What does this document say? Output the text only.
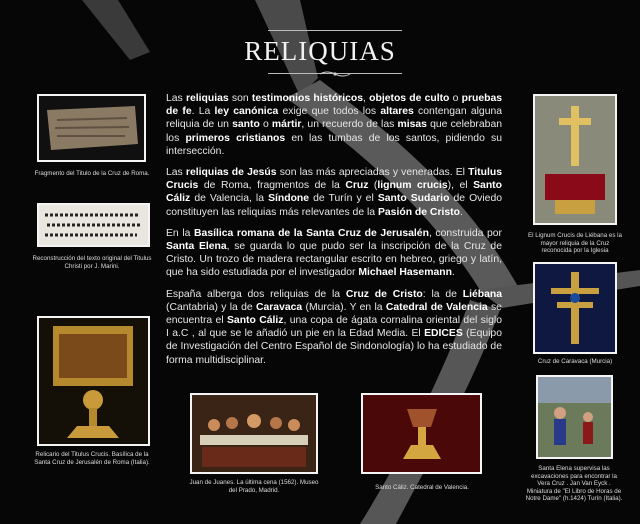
RELIQUIAS

Las reliquias son testimonios históricos, objetos de culto o pruebas de fe. La ley canónica exige que todos los altares contengan alguna reliquia de un santo o mártir, un recuerdo de las misas que celebraban los primeros cristianos en las tumbas de los santos, pidiendo su intersección.

Las reliquias de Jesús son las más apreciadas y veneradas. El Titulus Crucis de Roma, fragmentos de la Cruz (lignum crucis), el Santo Cáliz de Valencia, la Síndone de Turín y el Santo Sudario de Oviedo constituyen las reliquias más relevantes de la Pasión de Cristo.

En la Basílica romana de la Santa Cruz de Jerusalén, construida por Santa Elena, se guarda lo que pudo ser la inscripción de la Cruz de Cristo. Un trozo de madera rectangular escrito en hebreo, griego y latín, que ha sido estudiada por el investigador Michael Hasemann.

España alberga dos reliquias de la Cruz de Cristo: la de Liébana (Cantabria) y la de Caravaca (Murcia). Y en la Catedral de Valencia se encuentra el Santo Cáliz, una copa de ágata cornalina oriental del siglo I a.C , al que se le añadió un pie en la Edad Media. El EDICES (Equipo de Investigación del Centro Español de Sindonología) lo ha estudiado de forma multidisciplinar.

Fragmento del Titulo de la Cruz de Roma.
Reconstrucción del texto original del Titulus Christi por J. Marini.
Relicario del Titulus Crucis. Basílica de la Santa Cruz de Jerusalén de Roma (Italia).
Juan de Juanes. La última cena (1562). Museo del Prado, Madrid.	Santo Cáliz. Catedral de Valencia.
El Lignum Crucis de Liébana es la mayor reliquia de la Cruz reconocida por la Iglesia
Cruz de Caravaca (Murcia)
Santa Elena supervisa las excavaciones para encontrar la Vera Cruz . Jan Van Eyck . Miniatura de "El Libro de Horas de Notre Dame" (h.1424) Turín (Italia).
